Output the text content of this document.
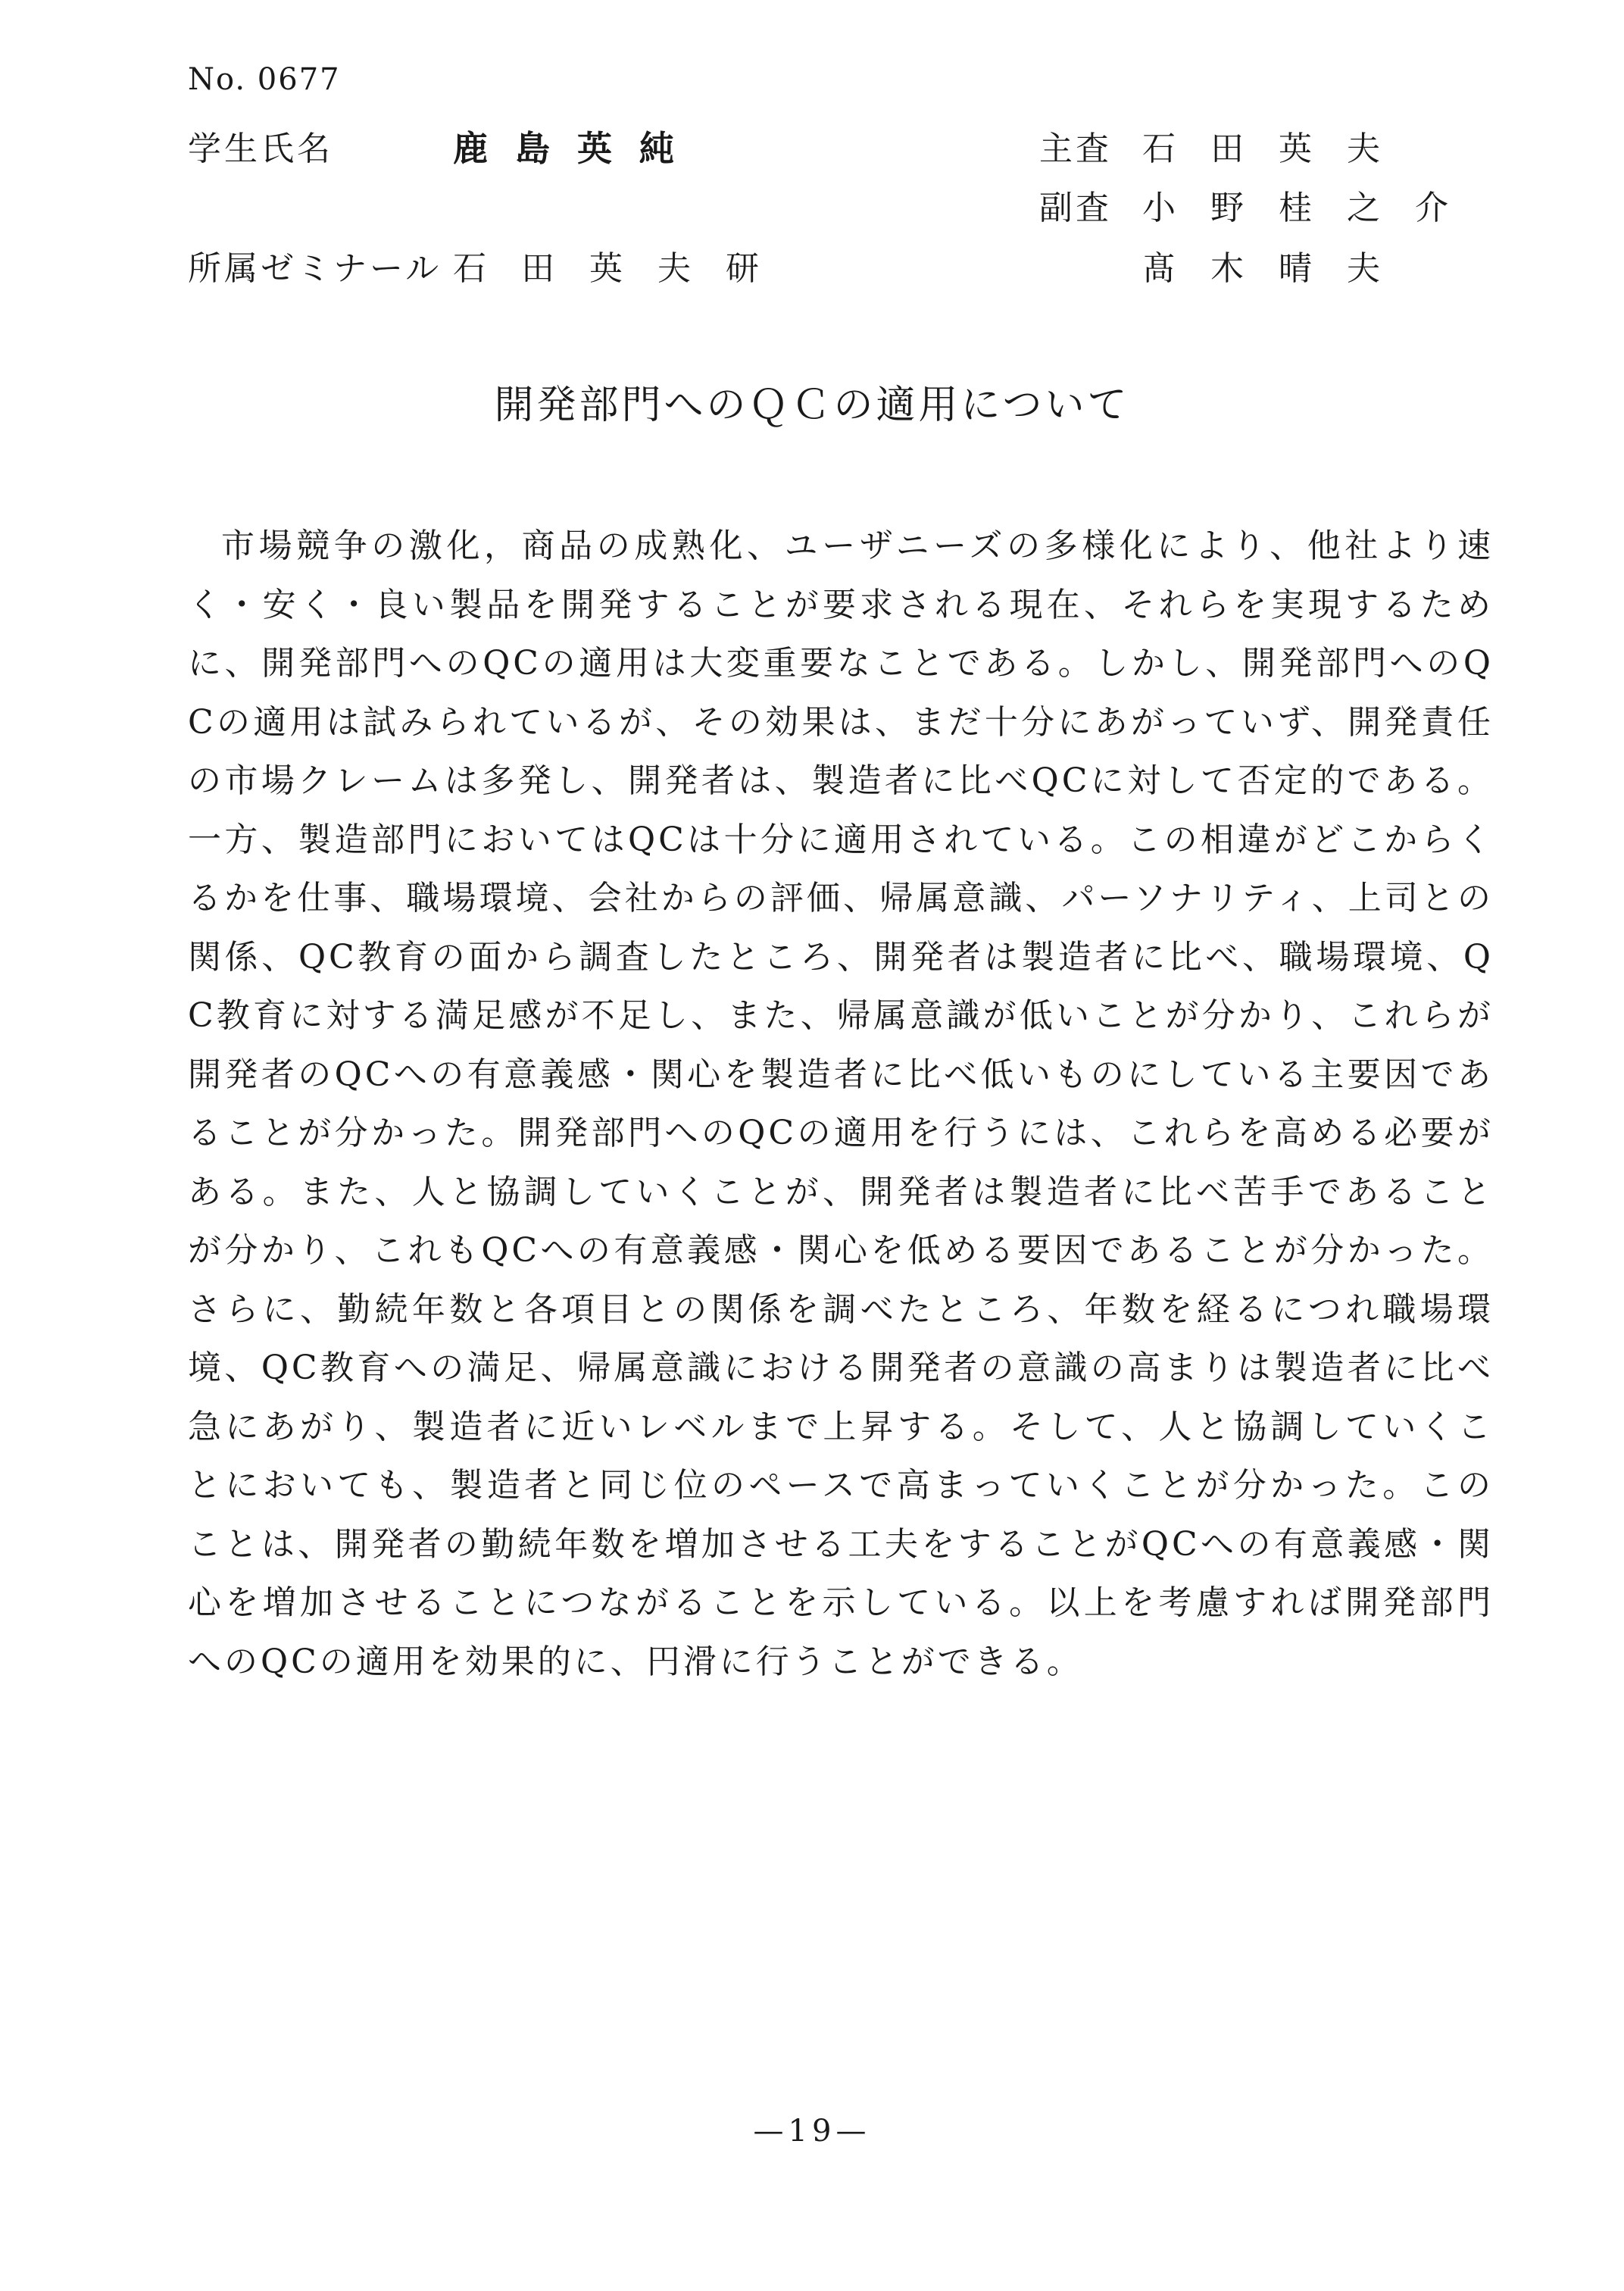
No. 0677
学生氏名	鹿島英純
所属ゼミナール 石田英夫研
主査 石田英夫
副査 小野桂之介
髙木晴夫
開発部門へのＱＣの適用について

市場競争の激化，商品の成熟化、ユーザニーズの多様化により、他社より速く・安く・良い製品を開発することが要求される現在、それらを実現するために、開発部門へのQCの適用は大変重要なことである。しかし、開発部門へのQCの適用は試みられているが、その効果は、まだ十分にあがっていず、開発責任の市場クレームは多発し、開発者は、製造者に比べQCに対して否定的である。一方、製造部門においてはQCは十分に適用されている。この相違がどこからくるかを仕事、職場環境、会社からの評価、帰属意識、パーソナリティ、上司との関係、QC教育の面から調査したところ、開発者は製造者に比べ、職場環境、QC教育に対する満足感が不足し、また、帰属意識が低いことが分かり、これらが開発者のQCへの有意義感・関心を製造者に比べ低いものにしている主要因であることが分かった。開発部門へのQCの適用を行うには、これらを高める必要がある。また、人と協調していくことが、開発者は製造者に比べ苦手であることが分かり、これもQCへの有意義感・関心を低める要因であることが分かった。さらに、勤続年数と各項目との関係を調べたところ、年数を経るにつれ職場環境、QC教育への満足、帰属意識における開発者の意識の高まりは製造者に比べ急にあがり、製造者に近いレベルまで上昇する。そして、人と協調していくことにおいても、製造者と同じ位のペースで高まっていくことが分かった。このことは、開発者の勤続年数を増加させる工夫をすることがQCへの有意義感・関心を増加させることにつながることを示している。以上を考慮すれば開発部門へのQCの適用を効果的に、円滑に行うことができる。

—19—
